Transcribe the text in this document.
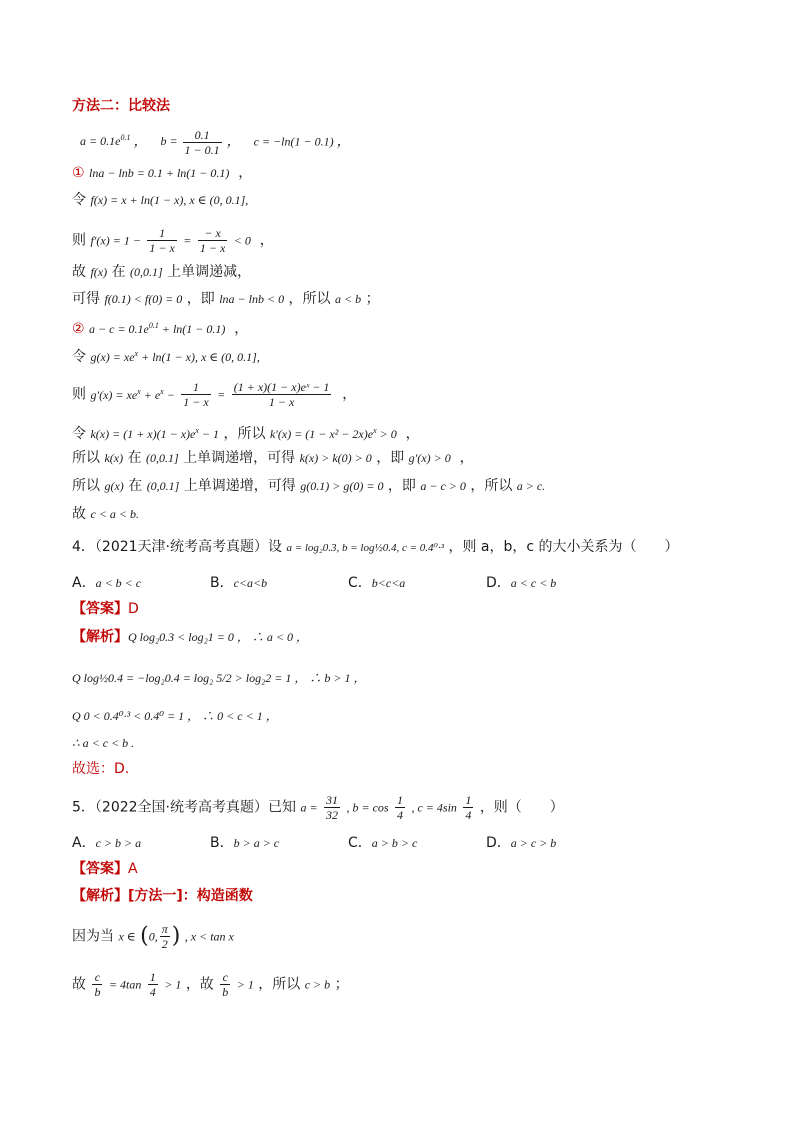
方法二：比较法
$a = 0.1e^{0.1}$ ， $b = \frac{0.1}{1 - 0.1}$ ， c = −ln(1 − 0.1) ，
① lna − lnb = 0.1 + ln(1 − 0.1)  ，
令 f(x) = x + ln(1 − x), x ∈ (0, 0.1],
则 $f'(x) = 1 - \frac{1}{1 - x} = \frac{- x}{1 - x} < 0$  ，
故 f(x) 在 (0,0.1] 上单调递减，
可得 f(0.1) < f(0) = 0 ，即 lna − lnb < 0 ，所以 a < b ；
② $a - c = 0.1e^{0.1} + \ln(1 - 0.1)$  ，
令 $g(x) = xe^x + \ln(1 - x)$, x ∈ (0, 0.1],
则 $g'(x) = xe^x + e^x - \frac{1}{1 - x} = \frac{\text{(1 + x)(1 − x)eˣ − 1}}{1 - x}$ ，
令 $k(x) = (1 + x)(1 - x)e^x - 1$ ，所以 $k'(x) = (1 - x^2 - 2x)e^x > 0$  ，
所以 k(x) 在 (0,0.1] 上单调递增，可得 k(x) > k(0) > 0 ，即 g′(x) > 0  ，
所以 g(x) 在 (0,0.1] 上单调递增，可得 g(0.1) > g(0) = 0 ，即 a − c > 0 ，所以 a > c.
故 c < a < b.
4．（2021天津·统考高考真题）设 a = log₂0.3, b = log½0.4, c = 0.4⁰·³ ，则 a，b，c 的大小关系为（　　）
A．a < b < c	B．c<a<b	C．b<c<a	D．a < c < b
【答案】D
【解析】Q log₂0.3 < log₂1 = 0 ， ∴ a < 0 ，
Q log½0.4 = −log₂0.4 = log₂ 5/2 > log₂2 = 1 ， ∴ b > 1 ，
Q 0 < 0.4⁰·³ < 0.4⁰ = 1 ， ∴ 0 < c < 1 ，
∴ a < c < b .
故选：D.
5．（2022全国·统考高考真题）已知 $a = \frac{31}{32}$ , $b = \cos \frac{1}{4}$ , $c = 4\sin \frac{1}{4}$ ，则（　　）
A．c > b > a	B．b > a > c	C．a > b > c	D．a > c > b
【答案】A
【解析】[方法一]：构造函数
因为当 x ∈ (0, $\frac{\pi}{2}$ ) , x < tan x
故 $\frac{c}{b} = 4\tan \frac{1}{4} > 1$ ，故 $\frac{c}{b} > 1$ ，所以 c > b ；
